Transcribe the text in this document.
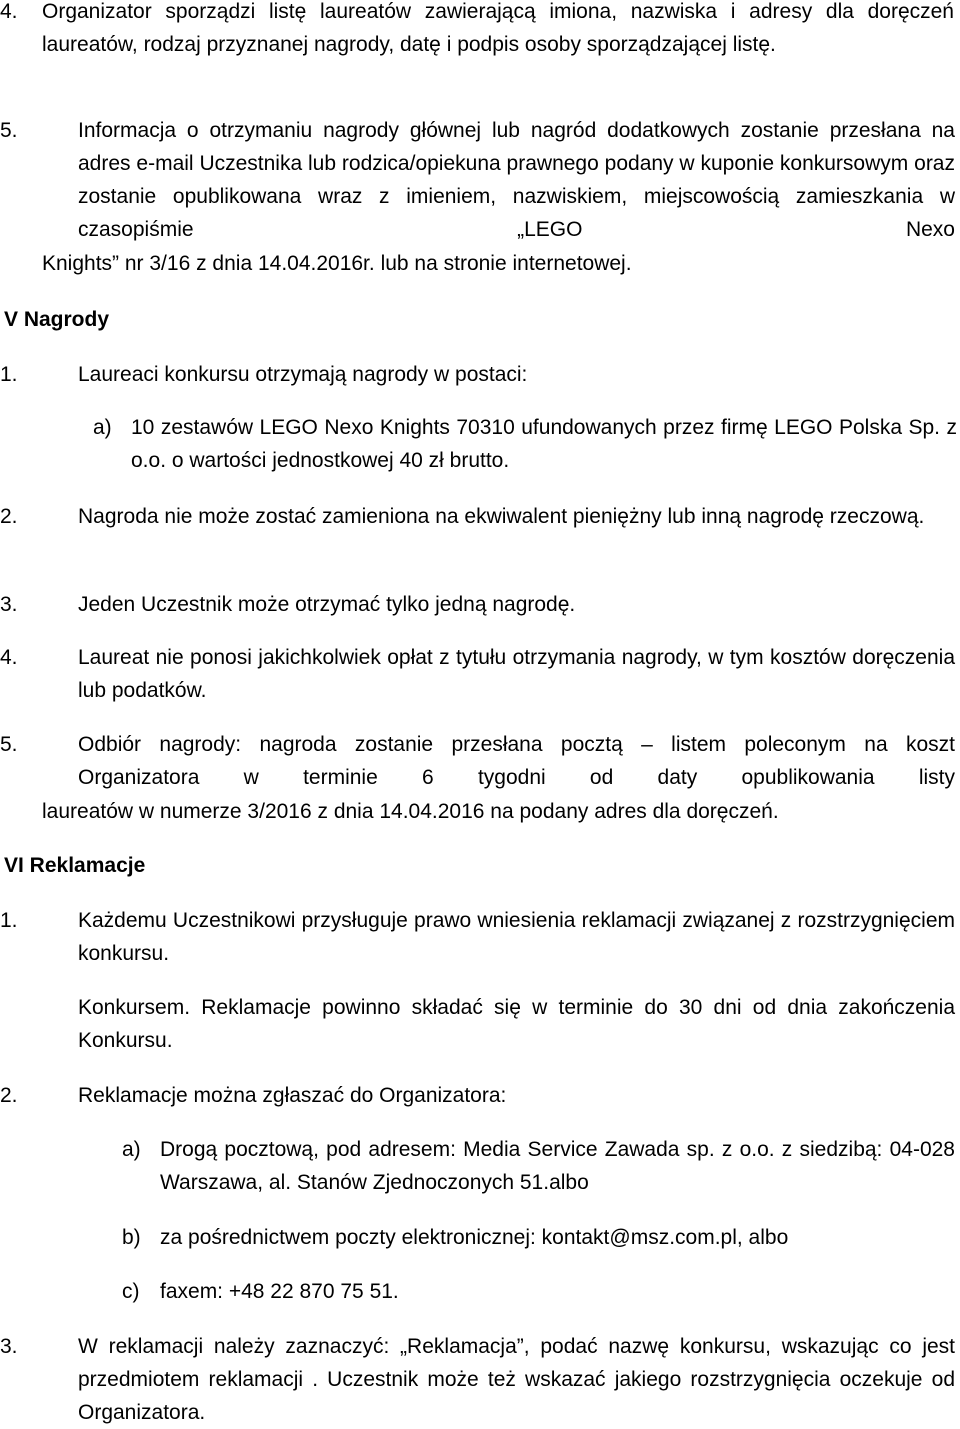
4. Organizator sporządzi listę laureatów zawierającą imiona, nazwiska i adresy dla doręczeń laureatów, rodzaj przyznanej nagrody, datę i podpis osoby sporządzającej listę.
5.	Informacja o otrzymaniu nagrody głównej lub nagród dodatkowych zostanie przesłana na adres e-mail Uczestnika lub rodzica/opiekuna prawnego podany w kuponie konkursowym oraz zostanie opublikowana wraz z imieniem, nazwiskiem, miejscowością zamieszkania w czasopiśmie „LEGO Nexo
Knights” nr 3/16 z dnia 14.04.2016r. lub na stronie internetowej.
V Nagrody
1.	Laureaci konkursu otrzymają nagrody w postaci:
a) 10 zestawów LEGO Nexo Knights 70310 ufundowanych przez firmę LEGO Polska Sp. z o.o. o wartości jednostkowej 40 zł brutto.
2.	Nagroda nie może zostać zamieniona na ekwiwalent pieniężny lub inną nagrodę rzeczową.
3.	Jeden Uczestnik może otrzymać tylko jedną nagrodę.
4.	Laureat nie ponosi jakichkolwiek opłat z tytułu otrzymania nagrody, w tym kosztów doręczenia lub podatków.
5.	Odbiór nagrody: nagroda zostanie przesłana pocztą – listem poleconym na koszt Organizatora w terminie 6 tygodni od daty opublikowania listy
laureatów w numerze 3/2016 z dnia 14.04.2016 na podany adres dla doręczeń.
VI Reklamacje
1.	Każdemu Uczestnikowi przysługuje prawo wniesienia reklamacji związanej z rozstrzygnięciem konkursu.
Konkursem. Reklamacje powinno składać się w terminie do 30 dni od dnia zakończenia Konkursu.
2.	Reklamacje można zgłaszać do Organizatora:
a) Drogą pocztową, pod adresem: Media Service Zawada sp. z o.o. z siedzibą: 04-028 Warszawa, al. Stanów Zjednoczonych 51.albo
b) za pośrednictwem poczty elektronicznej: kontakt@msz.com.pl, albo
c) faxem: +48 22 870 75 51.
3.	W reklamacji należy zaznaczyć: „Reklamacja”, podać nazwę konkursu, wskazując co jest przedmiotem reklamacji . Uczestnik może też wskazać jakiego rozstrzygnięcia oczekuje od Organizatora.
